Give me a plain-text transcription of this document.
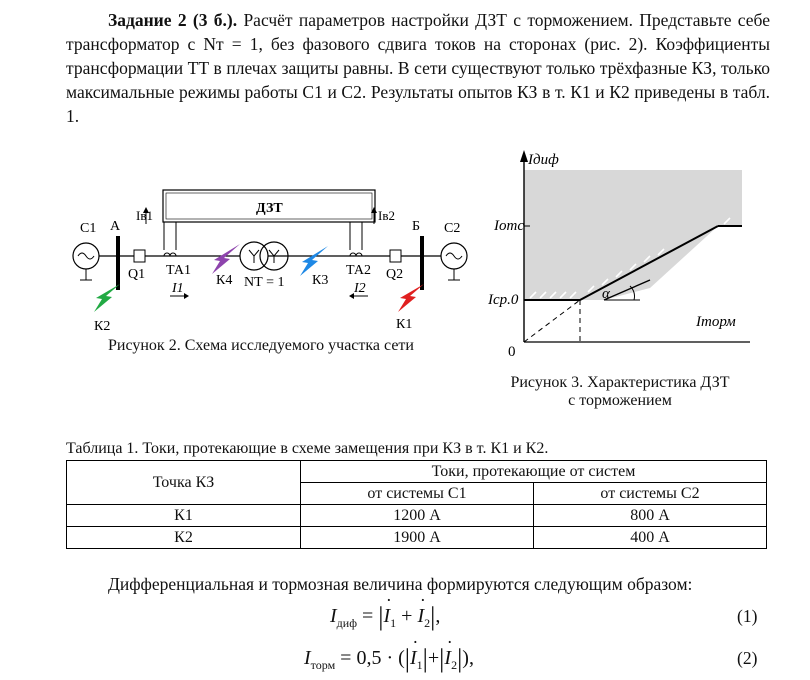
Задание 2 (3 б.). Расчёт параметров настройки ДЗТ с торможением. Представьте себе трансформатор с Nт = 1, без фазового сдвига токов на сторонах (рис. 2). Коэффициенты трансформации ТТ в плечах защиты равны. В сети существуют только трёхфазные КЗ, только максимальные режимы работы С1 и С2. Результаты опытов КЗ в т. К1 и К2 приведены в табл. 1.
ДЗТ
С1 А
Q1 ТА1
Iв1
I1	NТ = 1
ТА2
Iв2
I2
Q2
Б С2
К2
К4	К3
К1
Рисунок 2. Схема исследуемого участка сети
α
Iдиф
Iотс
Iср.0
Iторм
0
Рисунок 3. Характеристика ДЗТ
с торможением
Таблица 1. Токи, протекающие в схеме замещения при КЗ в т. К1 и К2.
Точка КЗ	Токи, протекающие от систем	
	от системы С1	от системы С2
К1	1200 А	800 А
К2	1900 А	400 А
Дифференциальная и тормозная величина формируются следующим образом:
$I_{диф}$ = |˙ $I_1$ + ˙ $I_2|$,	(1)
$I_{торм} = 0,5$ · (|˙ $I_1|+|˙$ $I_2|$),	(2)
